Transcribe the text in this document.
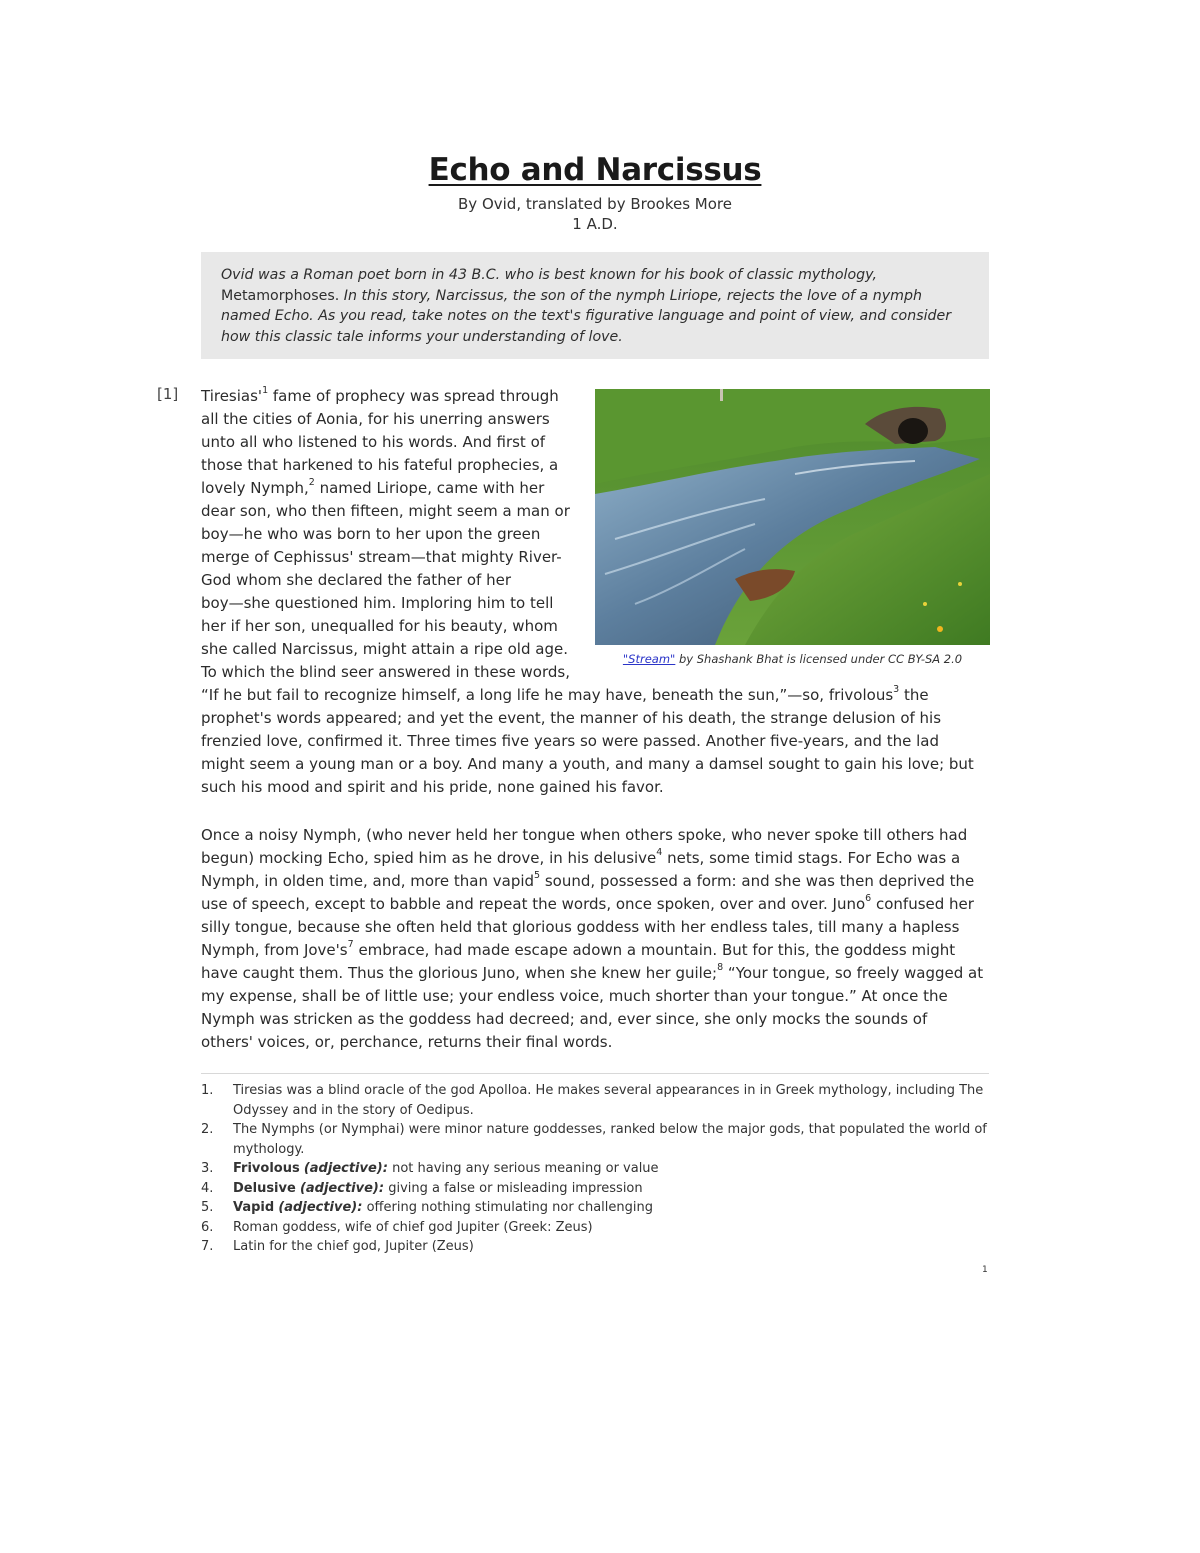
Echo and Narcissus
By Ovid, translated by Brookes More
1 A.D.
Ovid was a Roman poet born in 43 B.C. who is best known for his book of classic mythology, Metamorphoses. In this story, Narcissus, the son of the nymph Liriope, rejects the love of a nymph named Echo. As you read, take notes on the text's figurative language and point of view, and consider how this classic tale informs your understanding of love.
[1]
"Stream" by Shashank Bhat is licensed under CC BY-SA 2.0
$Tiresias'^1$ fame of prophecy was spread through
all the cities of Aonia, for his unerring answers
unto all who listened to his words. And first of
those that harkened to his fateful prophecies, a
lovely Nymph,$^2$ named Liriope, came with her
dear son, who then fifteen, might seem a man or
boy—he who was born to her upon the green
merge of Cephissus' stream—that mighty River-
God whom she declared the father of her
boy—she questioned him. Imploring him to tell
her if her son, unequalled for his beauty, whom
she called Narcissus, might attain a ripe old age.
To which the blind seer answered in these words,
“If he but fail to recognize himself, a long life he may have, beneath the sun,”—so, frivolous$^3$ the
prophet's words appeared; and yet the event, the manner of his death, the strange delusion of his
frenzied love, confirmed it. Three times five years so were passed. Another five-years, and the lad
might seem a young man or a boy. And many a youth, and many a damsel sought to gain his love; but
such his mood and spirit and his pride, none gained his favor.
Once a noisy Nymph, (who never held her tongue when others spoke, who never spoke till others had
begun) mocking Echo, spied him as he drove, in his delusive$^4$ nets, some timid stags. For Echo was a
Nymph, in olden time, and, more than vapid$^5$ sound, possessed a form: and she was then deprived the
use of speech, except to babble and repeat the words, once spoken, over and over. Juno$^6$ confused her
silly tongue, because she often held that glorious goddess with her endless tales, till many a hapless
Nymph, from $Jove's^7$ embrace, had made escape adown a mountain. But for this, the goddess might
have caught them. Thus the glorious Juno, when she knew her guile;$^8$ “Your tongue, so freely wagged at
my expense, shall be of little use; your endless voice, much shorter than your tongue.” At once the
Nymph was stricken as the goddess had decreed; and, ever since, she only mocks the sounds of
others' voices, or, perchance, returns their final words.
1.	Tiresias was a blind oracle of the god Apolloa. He makes several appearances in in Greek mythology, including The Odyssey and in the story of Oedipus.
2.	The Nymphs (or Nymphai) were minor nature goddesses, ranked below the major gods, that populated the world of mythology.
3.	Frivolous (adjective): not having any serious meaning or value
4.	Delusive (adjective): giving a false or misleading impression
5.	Vapid (adjective): offering nothing stimulating nor challenging
6.	Roman goddess, wife of chief god Jupiter (Greek: Zeus)
7.	Latin for the chief god, Jupiter (Zeus)
1
